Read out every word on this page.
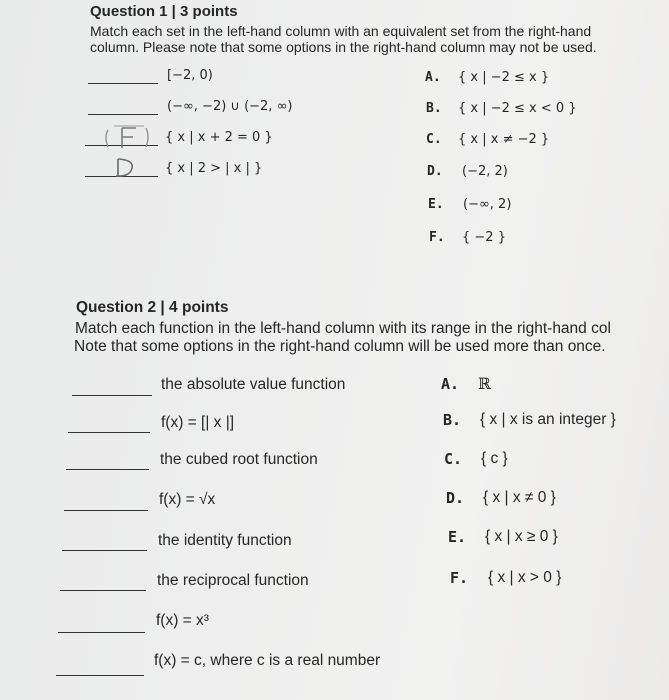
Question 1 | 3 points
Match each set in the left-hand column with an equivalent set from the right-hand
column. Please note that some options in the right-hand column may not be used.
[−2, 0)
(−∞, −2) ∪ (−2, ∞)
{ x | x + 2 = 0 }
{ x | 2 > | x | }
A. { x | −2 ≤ x }
B. { x | −2 ≤ x < 0 }
C. { x | x ≠ −2 }
D. (−2, 2)
E. (−∞, 2)
F. { −2 }
Question 2 | 4 points
Match each function in the left-hand column with its range in the right-hand col
Note that some options in the right-hand column will be used more than once.
the absolute value function
f(x) = [| x |]
the cubed root function
f(x) = √x
the identity function
the reciprocal function
f(x) = x³
f(x) = c, where c is a real number
A. ℝ
B. { x | x is an integer }
C. { c }
D. { x | x ≠ 0 }
E. { x | x ≥ 0 }
F. { x | x > 0 }
